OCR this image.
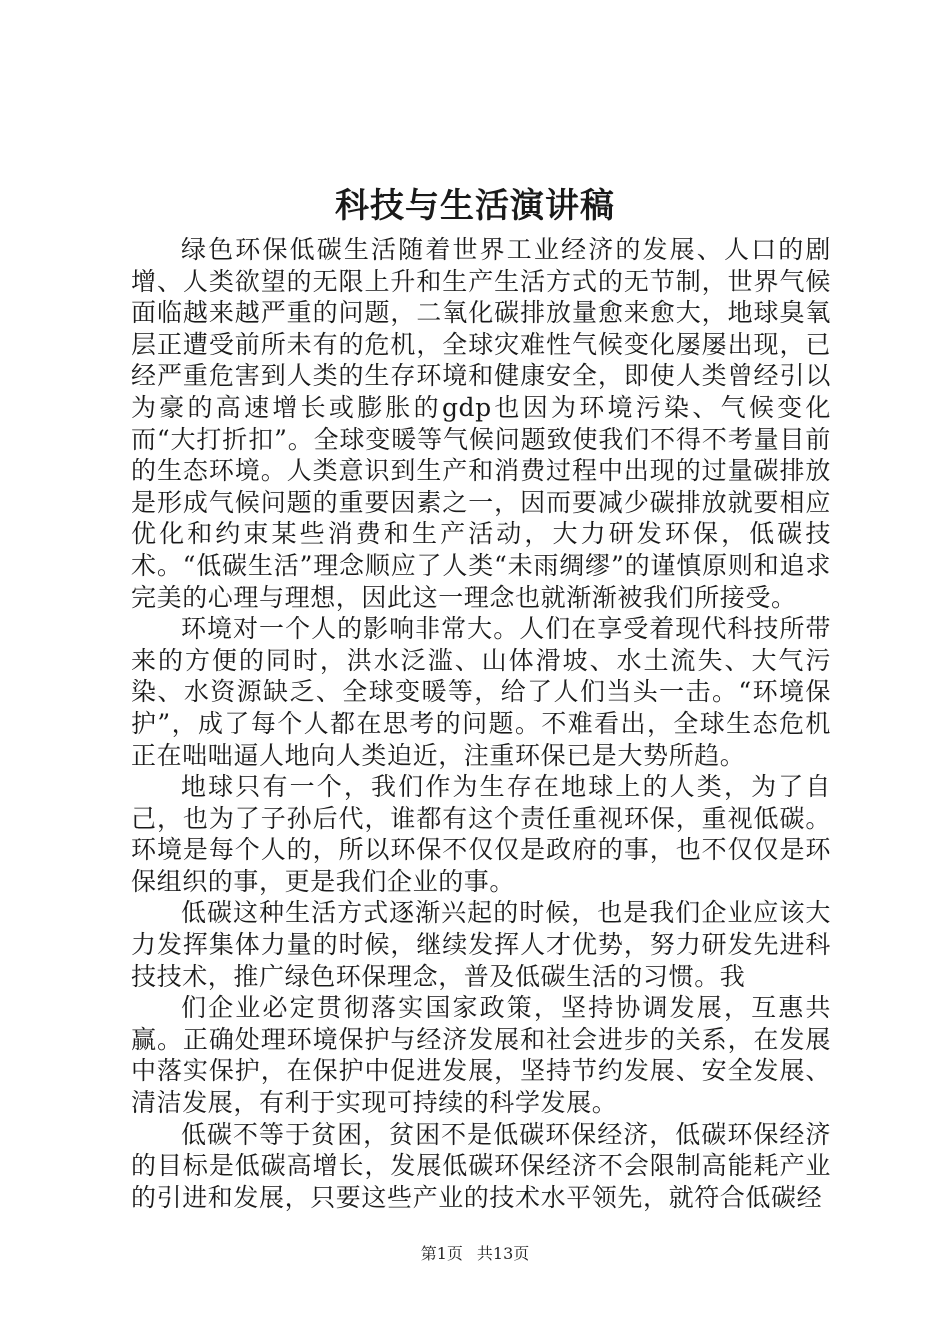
科技与生活演讲稿

绿色环保低碳生活随着世界工业经济的发展、人口的剧增、人类欲望的无限上升和生产生活方式的无节制，世界气候面临越来越严重的问题，二氧化碳排放量愈来愈大，地球臭氧层正遭受前所未有的危机，全球灾难性气候变化屡屡出现，已经严重危害到人类的生存环境和健康安全，即使人类曾经引以为豪的高速增长或膨胀的gdp也因为环境污染、气候变化而“大打折扣”。全球变暖等气候问题致使我们不得不考量目前的生态环境。人类意识到生产和消费过程中出现的过量碳排放是形成气候问题的重要因素之一，因而要减少碳排放就要相应优化和约束某些消费和生产活动，大力研发环保，低碳技术。“低碳生活”理念顺应了人类“未雨绸缪”的谨慎原则和追求完美的心理与理想，因此这一理念也就渐渐被我们所接受。

环境对一个人的影响非常大。人们在享受着现代科技所带来的方便的同时，洪水泛滥、山体滑坡、水土流失、大气污染、水资源缺乏、全球变暖等，给了人们当头一击。“环境保护”，成了每个人都在思考的问题。不难看出，全球生态危机正在咄咄逼人地向人类迫近，注重环保已是大势所趋。

地球只有一个，我们作为生存在地球上的人类，为了自己，也为了子孙后代，谁都有这个责任重视环保，重视低碳。环境是每个人的，所以环保不仅仅是政府的事，也不仅仅是环保组织的事，更是我们企业的事。

低碳这种生活方式逐渐兴起的时候，也是我们企业应该大力发挥集体力量的时候，继续发挥人才优势，努力研发先进科技技术，推广绿色环保理念，普及低碳生活的习惯。我

们企业必定贯彻落实国家政策，坚持协调发展，互惠共赢。正确处理环境保护与经济发展和社会进步的关系，在发展中落实保护，在保护中促进发展，坚持节约发展、安全发展、清洁发展，有利于实现可持续的科学发展。

低碳不等于贫困，贫困不是低碳环保经济，低碳环保经济的目标是低碳高增长，发展低碳环保经济不会限制高能耗产业的引进和发展，只要这些产业的技术水平领先，就符合低碳经

第1页 共13页
